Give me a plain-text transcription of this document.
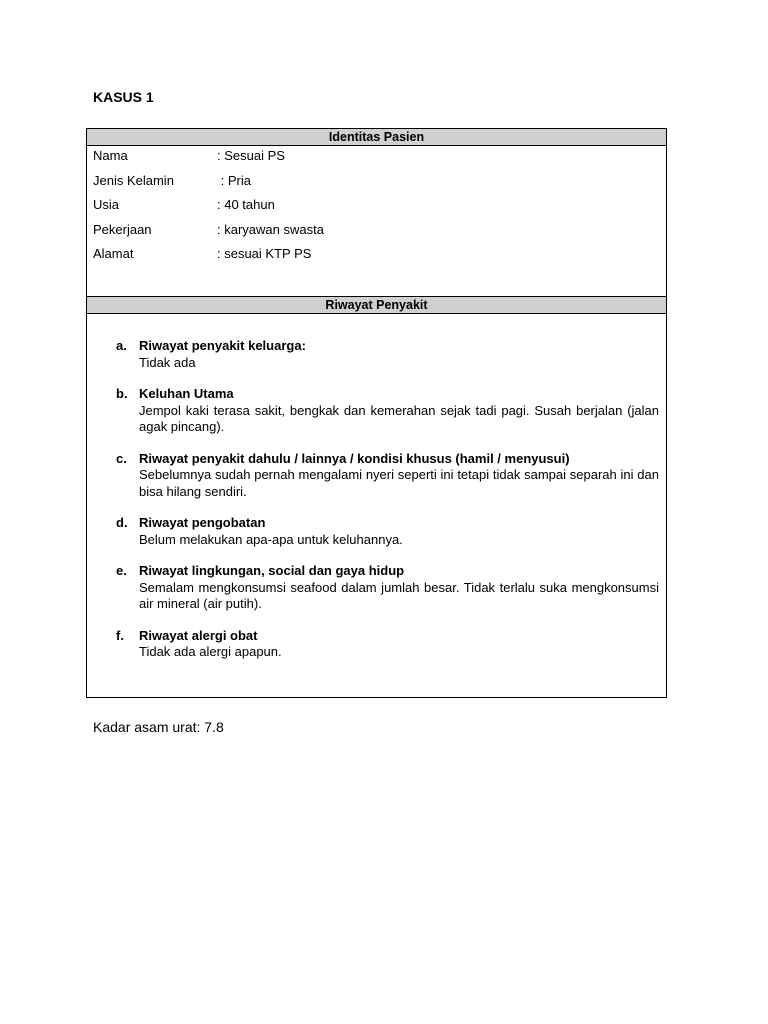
KASUS 1
Identitas Pasien
Nama	: Sesuai PS
Jenis Kelamin	: Pria
Usia	: 40 tahun
Pekerjaan	: karyawan swasta
Alamat	: sesuai KTP PS
Riwayat Penyakit
a. Riwayat penyakit keluarga:
Tidak ada
b. Keluhan Utama
Jempol kaki terasa sakit, bengkak dan kemerahan sejak tadi pagi. Susah berjalan (jalan agak pincang).
c. Riwayat penyakit dahulu / lainnya / kondisi khusus (hamil / menyusui)
Sebelumnya sudah pernah mengalami nyeri seperti ini tetapi tidak sampai separah ini dan bisa hilang sendiri.
d. Riwayat pengobatan
Belum melakukan apa-apa untuk keluhannya.
e. Riwayat lingkungan, social dan gaya hidup
Semalam mengkonsumsi seafood dalam jumlah besar. Tidak terlalu suka mengkonsumsi air mineral (air putih).
f.	Riwayat alergi obat
Tidak ada alergi apapun.
Kadar asam urat: 7.8
